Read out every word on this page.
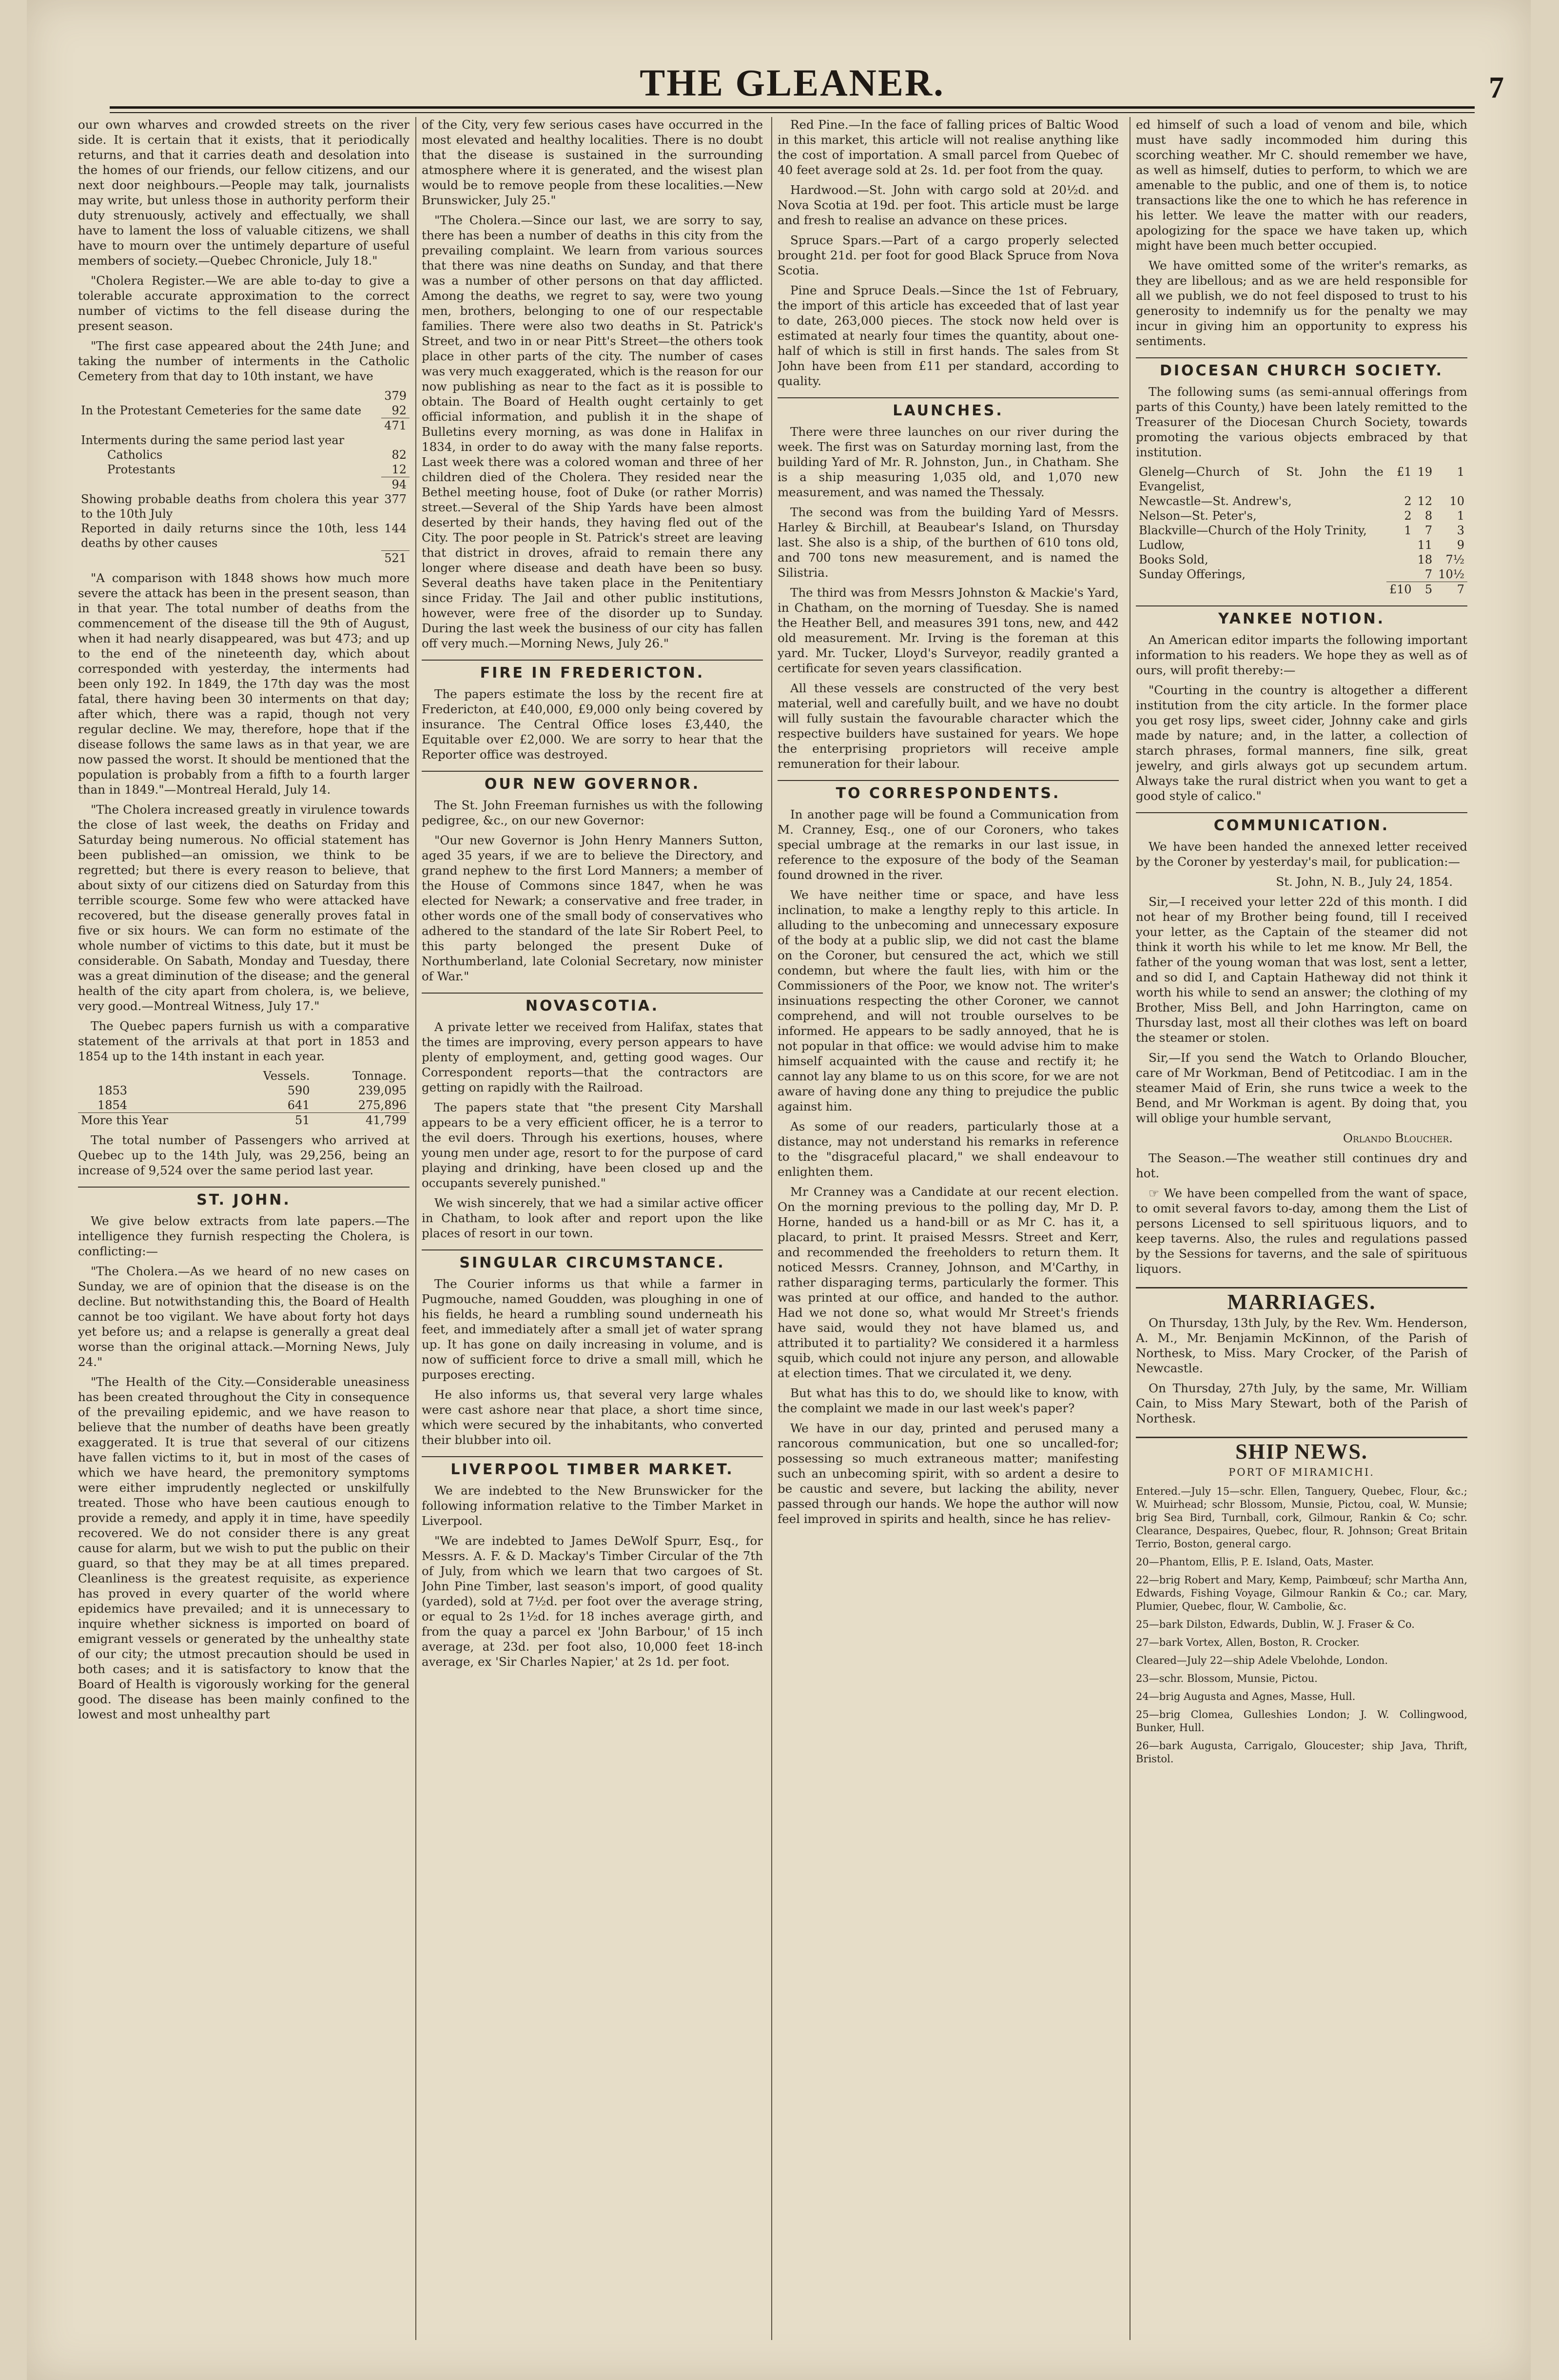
THE GLEANER.	7

our own wharves and crowded streets on the river side. It is certain that it exists, that it periodically returns, and that it carries death and desolation into the homes of our friends, our fellow citizens, and our next door neighbours.—People may talk, journalists may write, but unless those in authority perform their duty strenuously, actively and effectually, we shall have to lament the loss of valuable citizens, we shall have to mourn over the untimely departure of useful members of society.—Quebec Chronicle, July 18."

"Cholera Register.—We are able to-day to give a tolerable accurate approximation to the correct number of victims to the fell disease during the present season.

"The first case appeared about the 24th June; and taking the number of interments in the Catholic Cemetery from that day to 10th instant, we have

	379
In the Protestant Cemeteries for the same date	92
	471
Interments during the same period last year	
Catholics	82
Protestants	12
	94
Showing probable deaths from cholera this year to the 10th July	377
Reported in daily returns since the 10th, less deaths by other causes	144
	521

"A comparison with 1848 shows how much more severe the attack has been in the present season, than in that year. The total number of deaths from the commencement of the disease till the 9th of August, when it had nearly disappeared, was but 473; and up to the end of the nineteenth day, which about corresponded with yesterday, the interments had been only 192. In 1849, the 17th day was the most fatal, there having been 30 interments on that day; after which, there was a rapid, though not very regular decline. We may, therefore, hope that if the disease follows the same laws as in that year, we are now passed the worst. It should be mentioned that the population is probably from a fifth to a fourth larger than in 1849."—Montreal Herald, July 14.

"The Cholera increased greatly in virulence towards the close of last week, the deaths on Friday and Saturday being numerous. No official statement has been published—an omission, we think to be regretted; but there is every reason to believe, that about sixty of our citizens died on Saturday from this terrible scourge. Some few who were attacked have recovered, but the disease generally proves fatal in five or six hours. We can form no estimate of the whole number of victims to this date, but it must be considerable. On Sabath, Monday and Tuesday, there was a great diminution of the disease; and the general health of the city apart from cholera, is, we believe, very good.—Montreal Witness, July 17."

The Quebec papers furnish us with a comparative statement of the arrivals at that port in 1853 and 1854 up to the 14th instant in each year.

	Vessels.	Tonnage.
1853	590	239,095
1854	641	275,896
More this Year	51	41,799

The total number of Passengers who arrived at Quebec up to the 14th July, was 29,256, being an increase of 9,524 over the same period last year.

ST. JOHN.

We give below extracts from late papers.—The intelligence they furnish respecting the Cholera, is conflicting:—

"The Cholera.—As we heard of no new cases on Sunday, we are of opinion that the disease is on the decline. But notwithstanding this, the Board of Health cannot be too vigilant. We have about forty hot days yet before us; and a relapse is generally a great deal worse than the original attack.—Morning News, July 24."

"The Health of the City.—Considerable uneasiness has been created throughout the City in consequence of the prevailing epidemic, and we have reason to believe that the number of deaths have been greatly exaggerated. It is true that several of our citizens have fallen victims to it, but in most of the cases of which we have heard, the premonitory symptoms were either imprudently neglected or unskilfully treated. Those who have been cautious enough to provide a remedy, and apply it in time, have speedily recovered. We do not consider there is any great cause for alarm, but we wish to put the public on their guard, so that they may be at all times prepared. Cleanliness is the greatest requisite, as experience has proved in every quarter of the world where epidemics have prevailed; and it is unnecessary to inquire whether sickness is imported on board of emigrant vessels or generated by the unhealthy state of our city; the utmost precaution should be used in both cases; and it is satisfactory to know that the Board of Health is vigorously working for the general good. The disease has been mainly confined to the lowest and most unhealthy part

of the City, very few serious cases have occurred in the most elevated and healthy localities. There is no doubt that the disease is sustained in the surrounding atmosphere where it is generated, and the wisest plan would be to remove people from these localities.—New Brunswicker, July 25."

"The Cholera.—Since our last, we are sorry to say, there has been a number of deaths in this city from the prevailing complaint. We learn from various sources that there was nine deaths on Sunday, and that there was a number of other persons on that day afflicted. Among the deaths, we regret to say, were two young men, brothers, belonging to one of our respectable families. There were also two deaths in St. Patrick's Street, and two in or near Pitt's Street—the others took place in other parts of the city. The number of cases was very much exaggerated, which is the reason for our now publishing as near to the fact as it is possible to obtain. The Board of Health ought certainly to get official information, and publish it in the shape of Bulletins every morning, as was done in Halifax in 1834, in order to do away with the many false reports. Last week there was a colored woman and three of her children died of the Cholera. They resided near the Bethel meeting house, foot of Duke (or rather Morris) street.—Several of the Ship Yards have been almost deserted by their hands, they having fled out of the City. The poor people in St. Patrick's street are leaving that district in droves, afraid to remain there any longer where disease and death have been so busy. Several deaths have taken place in the Penitentiary since Friday. The Jail and other public institutions, however, were free of the disorder up to Sunday. During the last week the business of our city has fallen off very much.—Morning News, July 26."

FIRE IN FREDERICTON.

The papers estimate the loss by the recent fire at Fredericton, at £40,000, £9,000 only being covered by insurance. The Central Office loses £3,440, the Equitable over £2,000. We are sorry to hear that the Reporter office was destroyed.

OUR NEW GOVERNOR.

The St. John Freeman furnishes us with the following pedigree, &c., on our new Governor:

"Our new Governor is John Henry Manners Sutton, aged 35 years, if we are to believe the Directory, and grand nephew to the first Lord Manners; a member of the House of Commons since 1847, when he was elected for Newark; a conservative and free trader, in other words one of the small body of conservatives who adhered to the standard of the late Sir Robert Peel, to this party belonged the present Duke of Northumberland, late Colonial Secretary, now minister of War."

NOVASCOTIA.

A private letter we received from Halifax, states that the times are improving, every person appears to have plenty of employment, and, getting good wages. Our Correspondent reports—that the contractors are getting on rapidly with the Railroad.

The papers state that "the present City Marshall appears to be a very efficient officer, he is a terror to the evil doers. Through his exertions, houses, where young men under age, resort to for the purpose of card playing and drinking, have been closed up and the occupants severely punished."

We wish sincerely, that we had a similar active officer in Chatham, to look after and report upon the like places of resort in our town.

SINGULAR CIRCUMSTANCE.

The Courier informs us that while a farmer in Pugmouche, named Goudden, was ploughing in one of his fields, he heard a rumbling sound underneath his feet, and immediately after a small jet of water sprang up. It has gone on daily increasing in volume, and is now of sufficient force to drive a small mill, which he purposes erecting.

He also informs us, that several very large whales were cast ashore near that place, a short time since, which were secured by the inhabitants, who converted their blubber into oil.

LIVERPOOL TIMBER MARKET.

We are indebted to the New Brunswicker for the following information relative to the Timber Market in Liverpool.

"We are indebted to James DeWolf Spurr, Esq., for Messrs. A. F. & D. Mackay's Timber Circular of the 7th of July, from which we learn that two cargoes of St. John Pine Timber, last season's import, of good quality (yarded), sold at 7½d. per foot over the average string, or equal to 2s 1½d. for 18 inches average girth, and from the quay a parcel ex 'John Barbour,' of 15 inch average, at 23d. per foot also, 10,000 feet 18-inch average, ex 'Sir Charles Napier,' at 2s 1d. per foot.

Red Pine.—In the face of falling prices of Baltic Wood in this market, this article will not realise anything like the cost of importation. A small parcel from Quebec of 40 feet average sold at 2s. 1d. per foot from the quay.

Hardwood.—St. John with cargo sold at 20½d. and Nova Scotia at 19d. per foot. This article must be large and fresh to realise an advance on these prices.

Spruce Spars.—Part of a cargo properly selected brought 21d. per foot for good Black Spruce from Nova Scotia.

Pine and Spruce Deals.—Since the 1st of February, the import of this article has exceeded that of last year to date, 263,000 pieces. The stock now held over is estimated at nearly four times the quantity, about one-half of which is still in first hands. The sales from St John have been from £11 per standard, according to quality.

LAUNCHES.

There were three launches on our river during the week. The first was on Saturday morning last, from the building Yard of Mr. R. Johnston, Jun., in Chatham. She is a ship measuring 1,035 old, and 1,070 new measurement, and was named the Thessaly.

The second was from the building Yard of Messrs. Harley & Birchill, at Beaubear's Island, on Thursday last. She also is a ship, of the burthen of 610 tons old, and 700 tons new measurement, and is named the Silistria.

The third was from Messrs Johnston & Mackie's Yard, in Chatham, on the morning of Tuesday. She is named the Heather Bell, and measures 391 tons, new, and 442 old measurement. Mr. Irving is the foreman at this yard. Mr. Tucker, Lloyd's Surveyor, readily granted a certificate for seven years classification.

All these vessels are constructed of the very best material, well and carefully built, and we have no doubt will fully sustain the favourable character which the respective builders have sustained for years. We hope the enterprising proprietors will receive ample remuneration for their labour.

TO CORRESPONDENTS.

In another page will be found a Communication from M. Cranney, Esq., one of our Coroners, who takes special umbrage at the remarks in our last issue, in reference to the exposure of the body of the Seaman found drowned in the river.

We have neither time or space, and have less inclination, to make a lengthy reply to this article. In alluding to the unbecoming and unnecessary exposure of the body at a public slip, we did not cast the blame on the Coroner, but censured the act, which we still condemn, but where the fault lies, with him or the Commissioners of the Poor, we know not. The writer's insinuations respecting the other Coroner, we cannot comprehend, and will not trouble ourselves to be informed. He appears to be sadly annoyed, that he is not popular in that office: we would advise him to make himself acquainted with the cause and rectify it; he cannot lay any blame to us on this score, for we are not aware of having done any thing to prejudice the public against him.

As some of our readers, particularly those at a distance, may not understand his remarks in reference to the "disgraceful placard," we shall endeavour to enlighten them.

Mr Cranney was a Candidate at our recent election. On the morning previous to the polling day, Mr D. P. Horne, handed us a hand-bill or as Mr C. has it, a placard, to print. It praised Messrs. Street and Kerr, and recommended the freeholders to return them. It noticed Messrs. Cranney, Johnson, and M'Carthy, in rather disparaging terms, particularly the former. This was printed at our office, and handed to the author. Had we not done so, what would Mr Street's friends have said, would they not have blamed us, and attributed it to partiality? We considered it a harmless squib, which could not injure any person, and allowable at election times. That we circulated it, we deny.

But what has this to do, we should like to know, with the complaint we made in our last week's paper?

We have in our day, printed and perused many a rancorous communication, but one so uncalled-for; possessing so much extraneous matter; manifesting such an unbecoming spirit, with so ardent a desire to be caustic and severe, but lacking the ability, never passed through our hands. We hope the author will now feel improved in spirits and health, since he has reliev-

ed himself of such a load of venom and bile, which must have sadly incommoded him during this scorching weather. Mr C. should remember we have, as well as himself, duties to perform, to which we are amenable to the public, and one of them is, to notice transactions like the one to which he has reference in his letter. We leave the matter with our readers, apologizing for the space we have taken up, which might have been much better occupied.

We have omitted some of the writer's remarks, as they are libellous; and as we are held responsible for all we publish, we do not feel disposed to trust to his generosity to indemnify us for the penalty we may incur in giving him an opportunity to express his sentiments.

DIOCESAN CHURCH SOCIETY.

The following sums (as semi-annual offerings from parts of this County,) have been lately remitted to the Treasurer of the Diocesan Church Society, towards promoting the various objects embraced by that institution.

Glenelg—Church of St. John the Evangelist,	£1	19	1
Newcastle—St. Andrew's,	2	12	10
Nelson—St. Peter's,	2	8	1
Blackville—Church of the Holy Trinity,	1	7	3
Ludlow,		11	9
Books Sold,		18	7½
Sunday Offerings,		7	10½
	£10	5	7
YANKEE NOTION.

An American editor imparts the following important information to his readers. We hope they as well as of ours, will profit thereby:—

"Courting in the country is altogether a different institution from the city article. In the former place you get rosy lips, sweet cider, Johnny cake and girls made by nature; and, in the latter, a collection of starch phrases, formal manners, fine silk, great jewelry, and girls always got up secundem artum. Always take the rural district when you want to get a good style of calico."

COMMUNICATION.

We have been handed the annexed letter received by the Coroner by yesterday's mail, for publication:—

St. John, N. B., July 24, 1854.

Sir,—I received your letter 22d of this month. I did not hear of my Brother being found, till I received your letter, as the Captain of the steamer did not think it worth his while to let me know. Mr Bell, the father of the young woman that was lost, sent a letter, and so did I, and Captain Hatheway did not think it worth his while to send an answer; the clothing of my Brother, Miss Bell, and John Harrington, came on Thursday last, most all their clothes was left on board the steamer or stolen.

Sir,—If you send the Watch to Orlando Bloucher, care of Mr Workman, Bend of Petitcodiac. I am in the steamer Maid of Erin, she runs twice a week to the Bend, and Mr Workman is agent. By doing that, you will oblige your humble servant,

Orlando Bloucher.

The Season.—The weather still continues dry and hot.

☞ We have been compelled from the want of space, to omit several favors to-day, among them the List of persons Licensed to sell spirituous liquors, and to keep taverns. Also, the rules and regulations passed by the Sessions for taverns, and the sale of spirituous liquors.

MARRIAGES.

On Thursday, 13th July, by the Rev. Wm. Henderson, A. M., Mr. Benjamin McKinnon, of the Parish of Northesk, to Miss. Mary Crocker, of the Parish of Newcastle.

On Thursday, 27th July, by the same, Mr. William Cain, to Miss Mary Stewart, both of the Parish of Northesk.

SHIP NEWS.
PORT OF MIRAMICHI.

Entered.—July 15—schr. Ellen, Tanguery, Quebec, Flour, &c.; W. Muirhead; schr Blossom, Munsie, Pictou, coal, W. Munsie; brig Sea Bird, Turnball, cork, Gilmour, Rankin & Co; schr. Clearance, Despaires, Quebec, flour, R. Johnson; Great Britain Terrio, Boston, general cargo.

20—Phantom, Ellis, P. E. Island, Oats, Master.

22—brig Robert and Mary, Kemp, Paimbœuf; schr Martha Ann, Edwards, Fishing Voyage, Gilmour Rankin & Co.; car. Mary, Plumier, Quebec, flour, W. Cambolie, &c.

25—bark Dilston, Edwards, Dublin, W. J. Fraser & Co.

27—bark Vortex, Allen, Boston, R. Crocker.

Cleared—July 22—ship Adele Vbelohde, London.

23—schr. Blossom, Munsie, Pictou.

24—brig Augusta and Agnes, Masse, Hull.

25—brig Clomea, Gulleshies London; J. W. Collingwood, Bunker, Hull.

26—bark Augusta, Carrigalo, Gloucester; ship Java, Thrift, Bristol.
